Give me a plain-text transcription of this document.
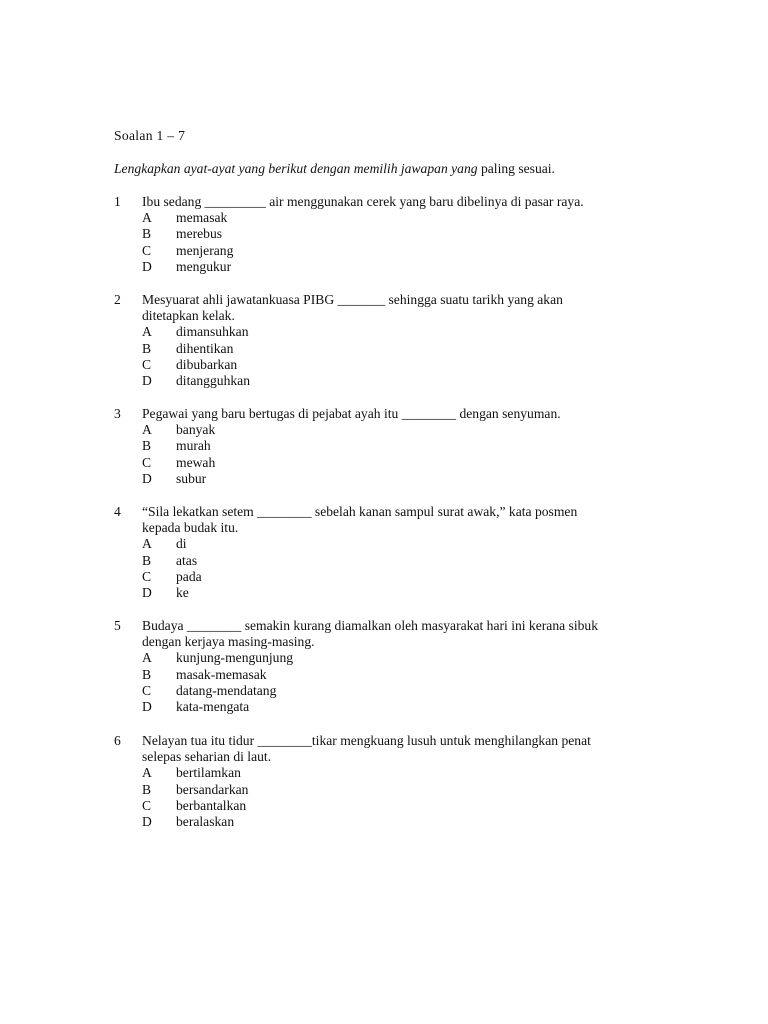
Soalan 1 – 7
Lengkapkan ayat-ayat yang berikut dengan memilih jawapan yang paling sesuai.
1 Ibu sedang _________ air menggunakan cerek yang baru dibelinya di pasar raya.
A	memasak
B	merebus
C	menjerang
D	mengukur
2 Mesyuarat ahli jawatankuasa PIBG _______ sehingga suatu tarikh yang akan
ditetapkan kelak.
A	dimansuhkan
B	dihentikan
C	dibubarkan
D	ditangguhkan
3 Pegawai yang baru bertugas di pejabat ayah itu ________ dengan senyuman.
A	banyak
B	murah
C	mewah
D	subur
4 “Sila lekatkan setem ________ sebelah kanan sampul surat awak,” kata posmen
kepada budak itu.
A	di
B	atas
C	pada
D	ke
5 Budaya ________ semakin kurang diamalkan oleh masyarakat hari ini kerana sibuk
dengan kerjaya masing-masing.
A	kunjung-mengunjung
B	masak-memasak
C	datang-mendatang
D	kata-mengata
6 Nelayan tua itu tidur ________tikar mengkuang lusuh untuk menghilangkan penat
selepas seharian di laut.
A	bertilamkan
B	bersandarkan
C	berbantalkan
D	beralaskan
